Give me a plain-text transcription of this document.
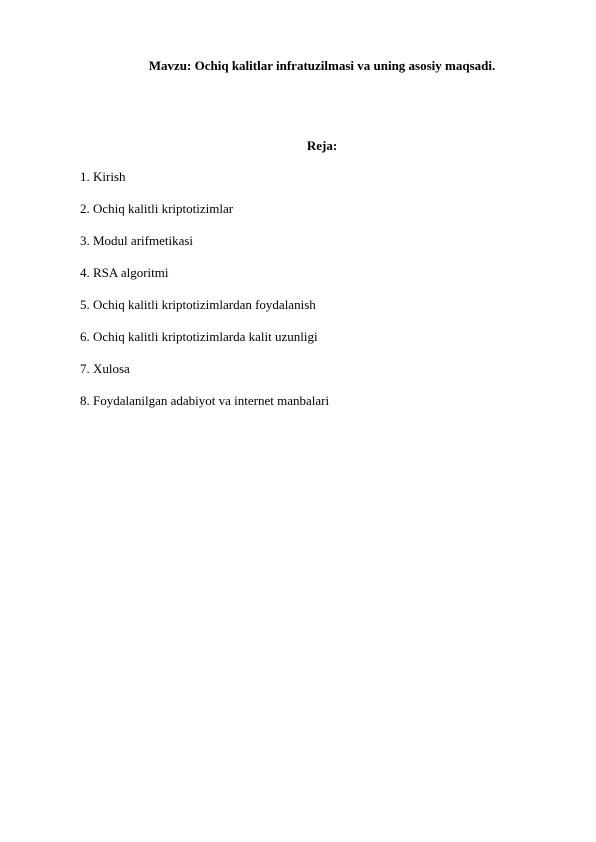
Mavzu: Ochiq kalitlar infratuzilmasi va uning asosiy maqsadi.
Reja:
1. Kirish
2. Ochiq kalitli kriptotizimlar
3. Modul arifmetikasi
4. RSA algoritmi
5. Ochiq kalitli kriptotizimlardan foydalanish
6. Ochiq kalitli kriptotizimlarda kalit uzunligi
7. Xulosa
8. Foydalanilgan adabiyot va internet manbalari
